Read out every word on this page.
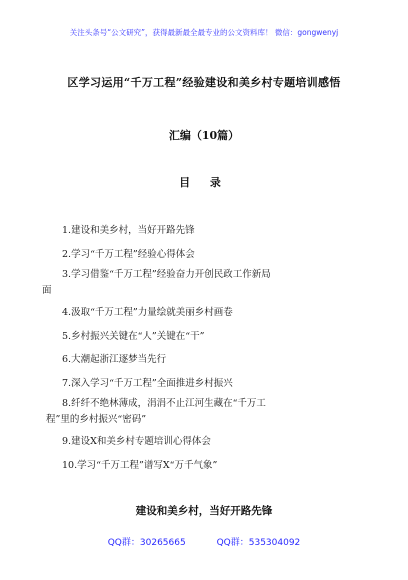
关注头条号“公文研究”，获得最新最全最专业的公文资料库！ 微信：gongwenyj
区学习运用“千万工程”经验建设和美乡村专题培训感悟
汇编（10篇）
目 录
1.建设和美乡村，当好开路先锋
2.学习“千万工程”经验心得体会
3.学习借鉴“千万工程”经验奋力开创民政工作新局
面
4.汲取“千万工程”力量绘就美丽乡村画卷
5.乡村振兴关键在“人”关键在“干”
6.大潮起浙江逐梦当先行
7.深入学习“千万工程”全面推进乡村振兴
8.纤纤不绝林薄成，涓涓不止江河生藏在“千万工
程”里的乡村振兴“密码”
9.建设X和美乡村专题培训心得体会
10.学习“千万工程”谱写X“万千气象”
建设和美乡村，当好开路先锋
QQ群：30265665	QQ群：535304092
